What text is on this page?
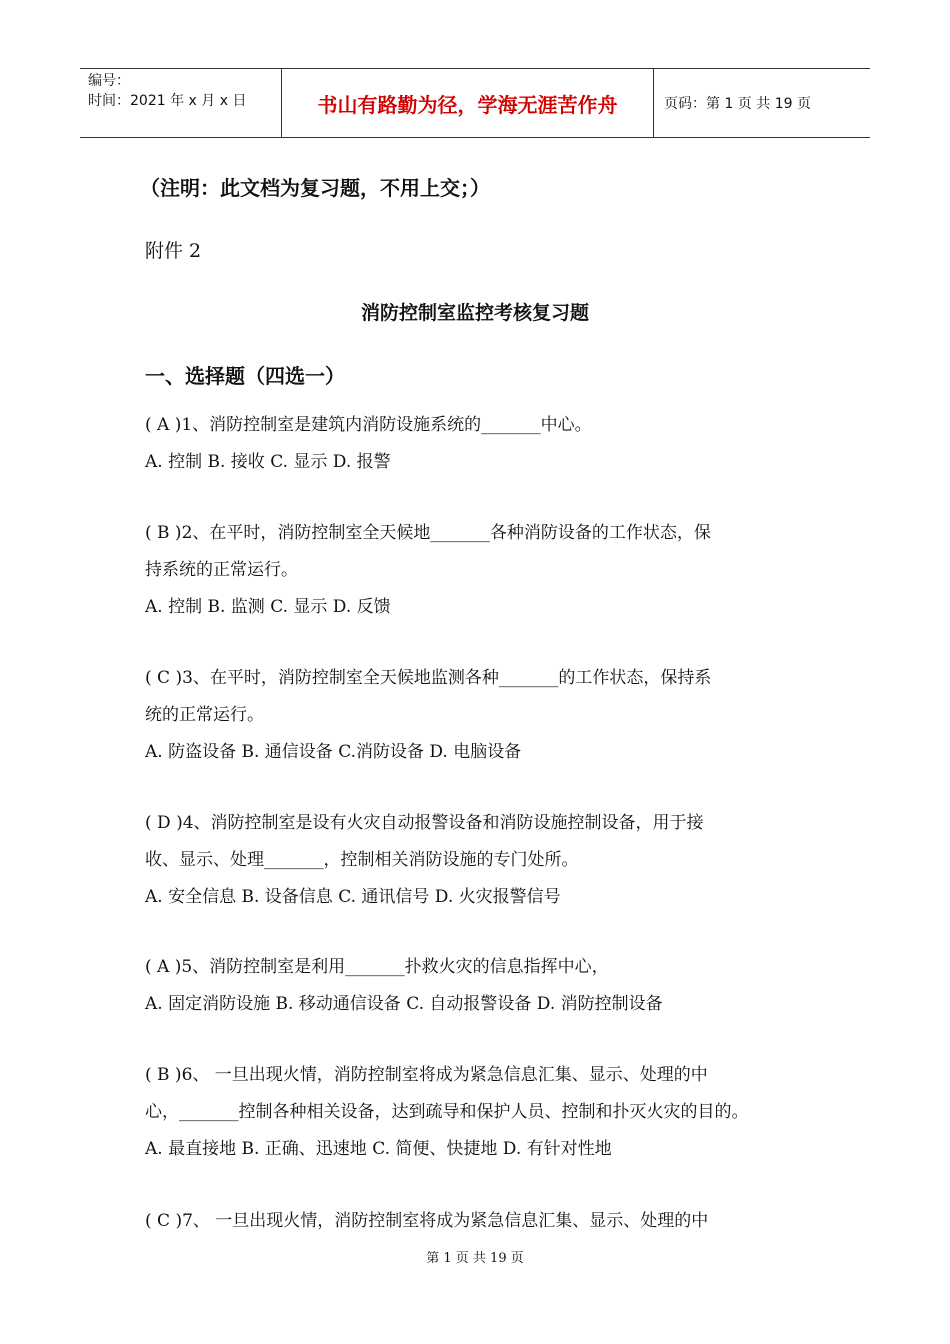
编号：
时间：2021 年 x 月 x 日	书山有路勤为径，学海无涯苦作舟	页码：第 1 页 共 19 页
（注明：此文档为复习题，不用上交；）
附件 2
消防控制室监控考核复习题
一、选择题（四选一）
( A )1、消防控制室是建筑内消防设施系统的_______中心。
A. 控制 B. 接收 C. 显示 D. 报警
( B )2、在平时，消防控制室全天候地_______各种消防设备的工作状态，保
持系统的正常运行。
A. 控制 B. 监测 C. 显示 D. 反馈
( C )3、在平时，消防控制室全天候地监测各种_______的工作状态，保持系
统的正常运行。
A. 防盗设备 B. 通信设备 C.消防设备 D. 电脑设备
( D )4、消防控制室是设有火灾自动报警设备和消防设施控制设备，用于接
收、显示、处理_______，控制相关消防设施的专门处所。
A. 安全信息 B. 设备信息 C. 通讯信号 D. 火灾报警信号
( A )5、消防控制室是利用_______扑救火灾的信息指挥中心，
A. 固定消防设施 B. 移动通信设备 C. 自动报警设备 D. 消防控制设备
( B )6、 一旦出现火情，消防控制室将成为紧急信息汇集、显示、处理的中
心，_______控制各种相关设备，达到疏导和保护人员、控制和扑灭火灾的目的。
A. 最直接地 B. 正确、迅速地 C. 简便、快捷地 D. 有针对性地
( C )7、 一旦出现火情，消防控制室将成为紧急信息汇集、显示、处理的中
第 1 页 共 19 页
